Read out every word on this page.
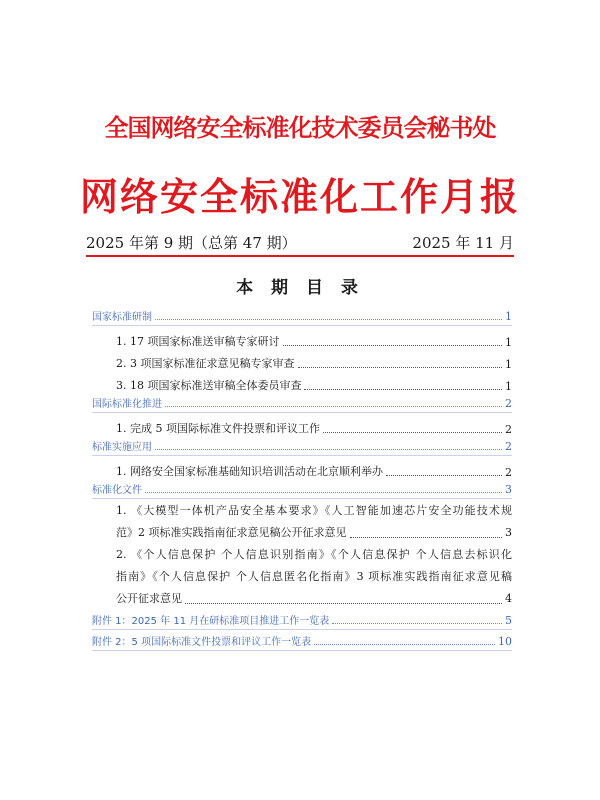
全国网络安全标准化技术委员会秘书处
网络安全标准化工作月报
2025 年第 9 期（总第 47 期）	2025 年 11 月
本 期 目 录
国家标准研制	1
1. 17 项国家标准送审稿专家研讨	1
2. 3 项国家标准征求意见稿专家审查	1
3. 18 项国家标准送审稿全体委员审查	1
国际标准化推进	2
1. 完成 5 项国际标准文件投票和评议工作	2
标准实施应用	2
1. 网络安全国家标准基础知识培训活动在北京顺利举办	2
标准化文件	3
1. 《大模型一体机产品安全基本要求》《人工智能加速芯片安全功能技术规
范》2 项标准实践指南征求意见稿公开征求意见	3
2. 《个人信息保护 个人信息识别指南》《个人信息保护 个人信息去标识化
指南》《个人信息保护 个人信息匿名化指南》3 项标准实践指南征求意见稿
公开征求意见	4
附件 1：2025 年 11 月在研标准项目推进工作一览表	5
附件 2：5 项国际标准文件投票和评议工作一览表	10
